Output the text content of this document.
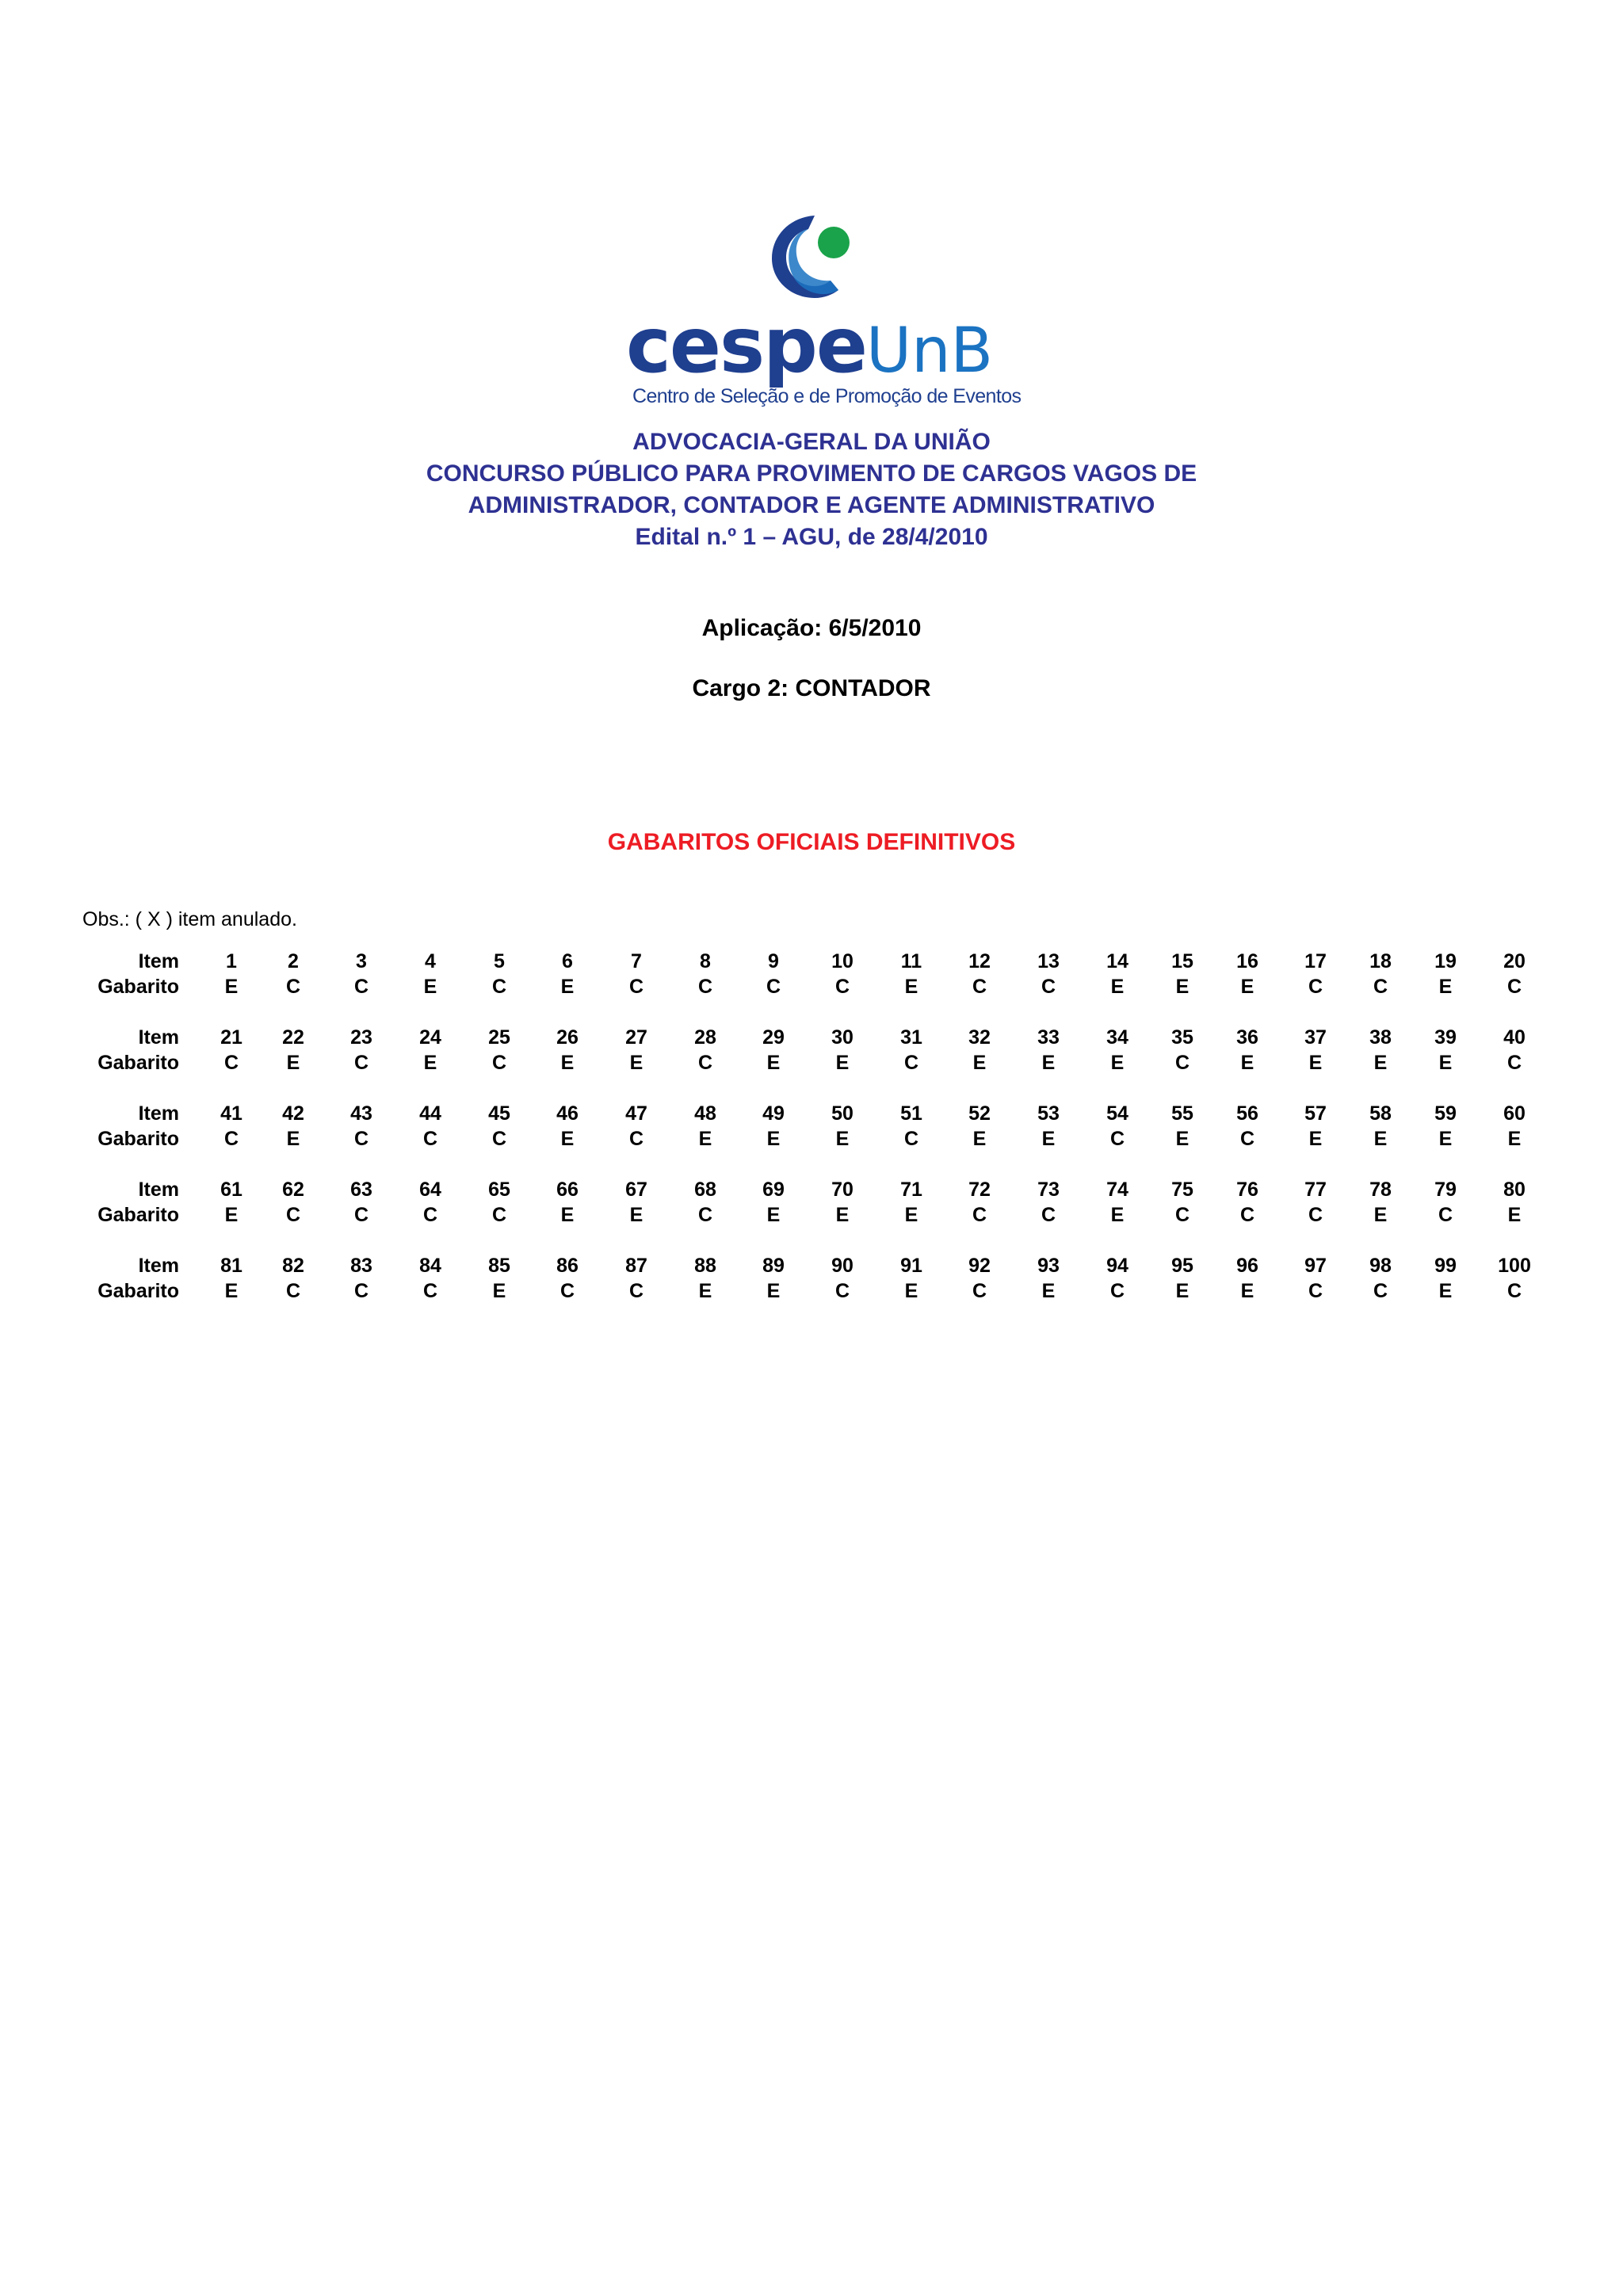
cespeUnB
Centro de Seleção e de Promoção de Eventos
ADVOCACIA-GERAL DA UNIÃO
CONCURSO PÚBLICO PARA PROVIMENTO DE CARGOS VAGOS DE
ADMINISTRADOR, CONTADOR E AGENTE ADMINISTRATIVO
Edital n.º 1 – AGU, de 28/4/2010
Aplicação: 6/5/2010
Cargo 2: CONTADOR
GABARITOS OFICIAIS DEFINITIVOS
Obs.: ( X ) item anulado.
Item
Gabarito
1
E
2
C
3
C
4
E
5
C
6
E
7
C
8
C
9
C
10
C
11
E
12
C
13
C
14
E
15
E
16
E
17
C
18
C
19
E
20
C
Item
Gabarito
21
C
22
E
23
C
24
E
25
C
26
E
27
E
28
C
29
E
30
E
31
C
32
E
33
E
34
E
35
C
36
E
37
E
38
E
39
E
40
C
Item
Gabarito
41
C
42
E
43
C
44
C
45
C
46
E
47
C
48
E
49
E
50
E
51
C
52
E
53
E
54
C
55
E
56
C
57
E
58
E
59
E
60
E
Item
Gabarito
61
E
62
C
63
C
64
C
65
C
66
E
67
E
68
C
69
E
70
E
71
E
72
C
73
C
74
E
75
C
76
C
77
C
78
E
79
C
80
E
Item
Gabarito
81
E
82
C
83
C
84
C
85
E
86
C
87
C
88
E
89
E
90
C
91
E
92
C
93
E
94
C
95
E
96
E
97
C
98
C
99
E
100
C
